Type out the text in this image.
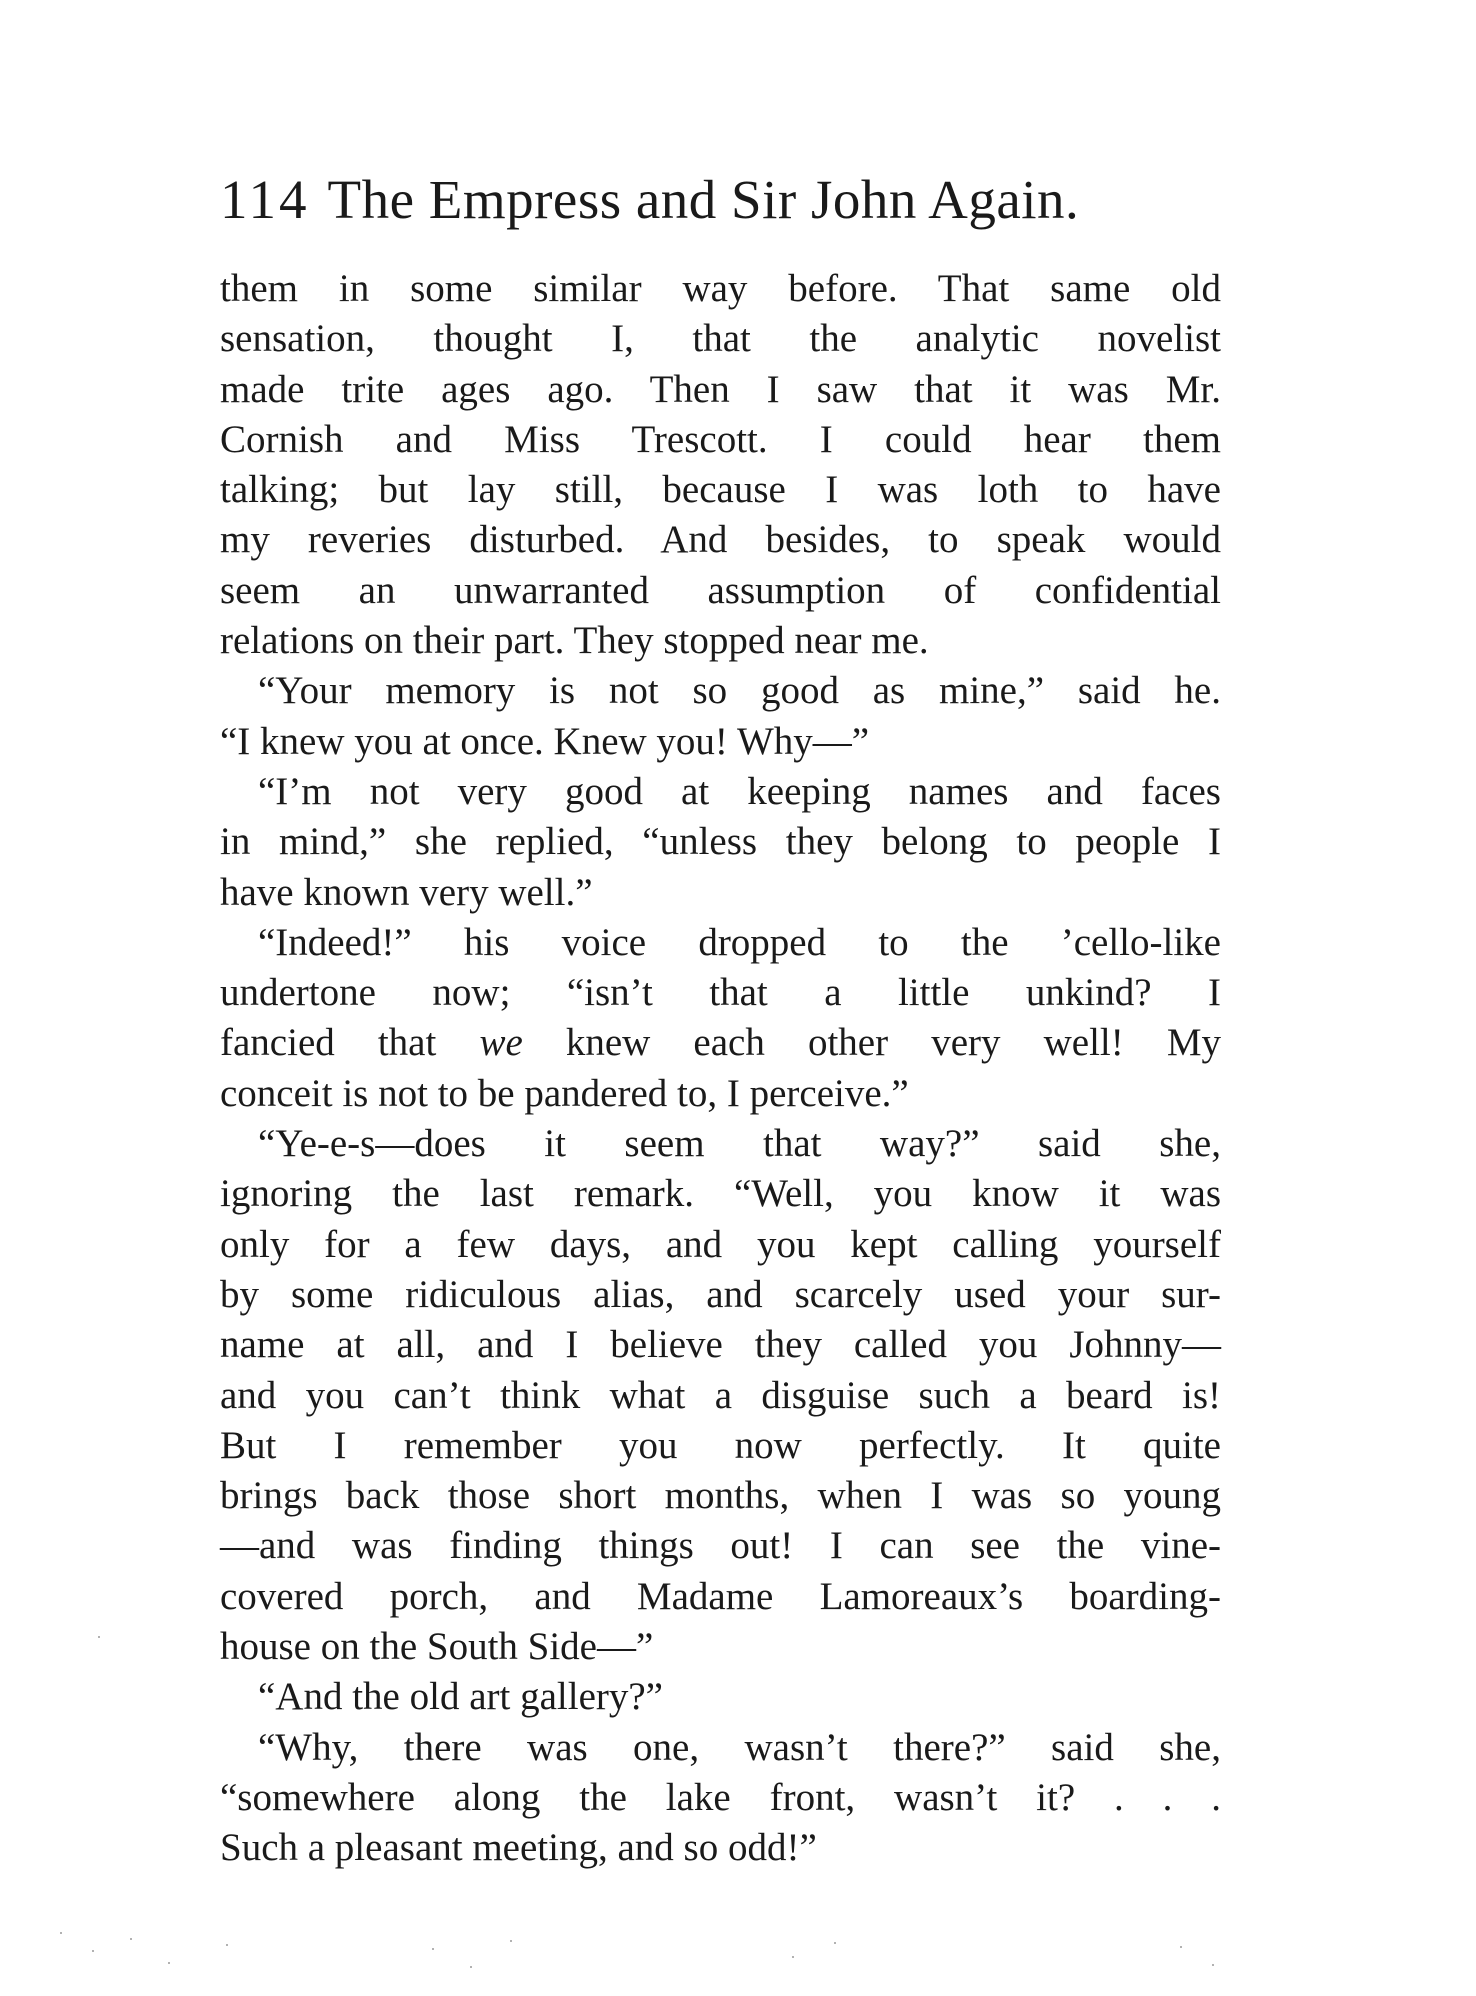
114 The Empress and Sir John Again.
them in some similar way before. That same old
sensation, thought I, that the analytic novelist
made trite ages ago. Then I saw that it was Mr.
Cornish and Miss Trescott. I could hear them
talking; but lay still, because I was loth to have
my reveries disturbed. And besides, to speak would
seem an unwarranted assumption of confidential
relations on their part. They stopped near me.
“Your memory is not so good as mine,” said he.
“I knew you at once. Knew you! Why—”
“I’m not very good at keeping names and faces
in mind,” she replied, “unless they belong to people I
have known very well.”
“Indeed!” his voice dropped to the ’cello-like
undertone now; “isn’t that a little unkind? I
fancied that we knew each other very well! My
conceit is not to be pandered to, I perceive.”
“Ye-e-s—does it seem that way?” said she,
ignoring the last remark. “Well, you know it was
only for a few days, and you kept calling yourself
by some ridiculous alias, and scarcely used your sur-
name at all, and I believe they called you Johnny—
and you can’t think what a disguise such a beard is!
But I remember you now perfectly. It quite
brings back those short months, when I was so young
—and was finding things out! I can see the vine-
covered porch, and Madame Lamoreaux’s boarding-
house on the South Side—”
“And the old art gallery?”
“Why, there was one, wasn’t there?” said she,
“somewhere along the lake front, wasn’t it? . . .
Such a pleasant meeting, and so odd!”
